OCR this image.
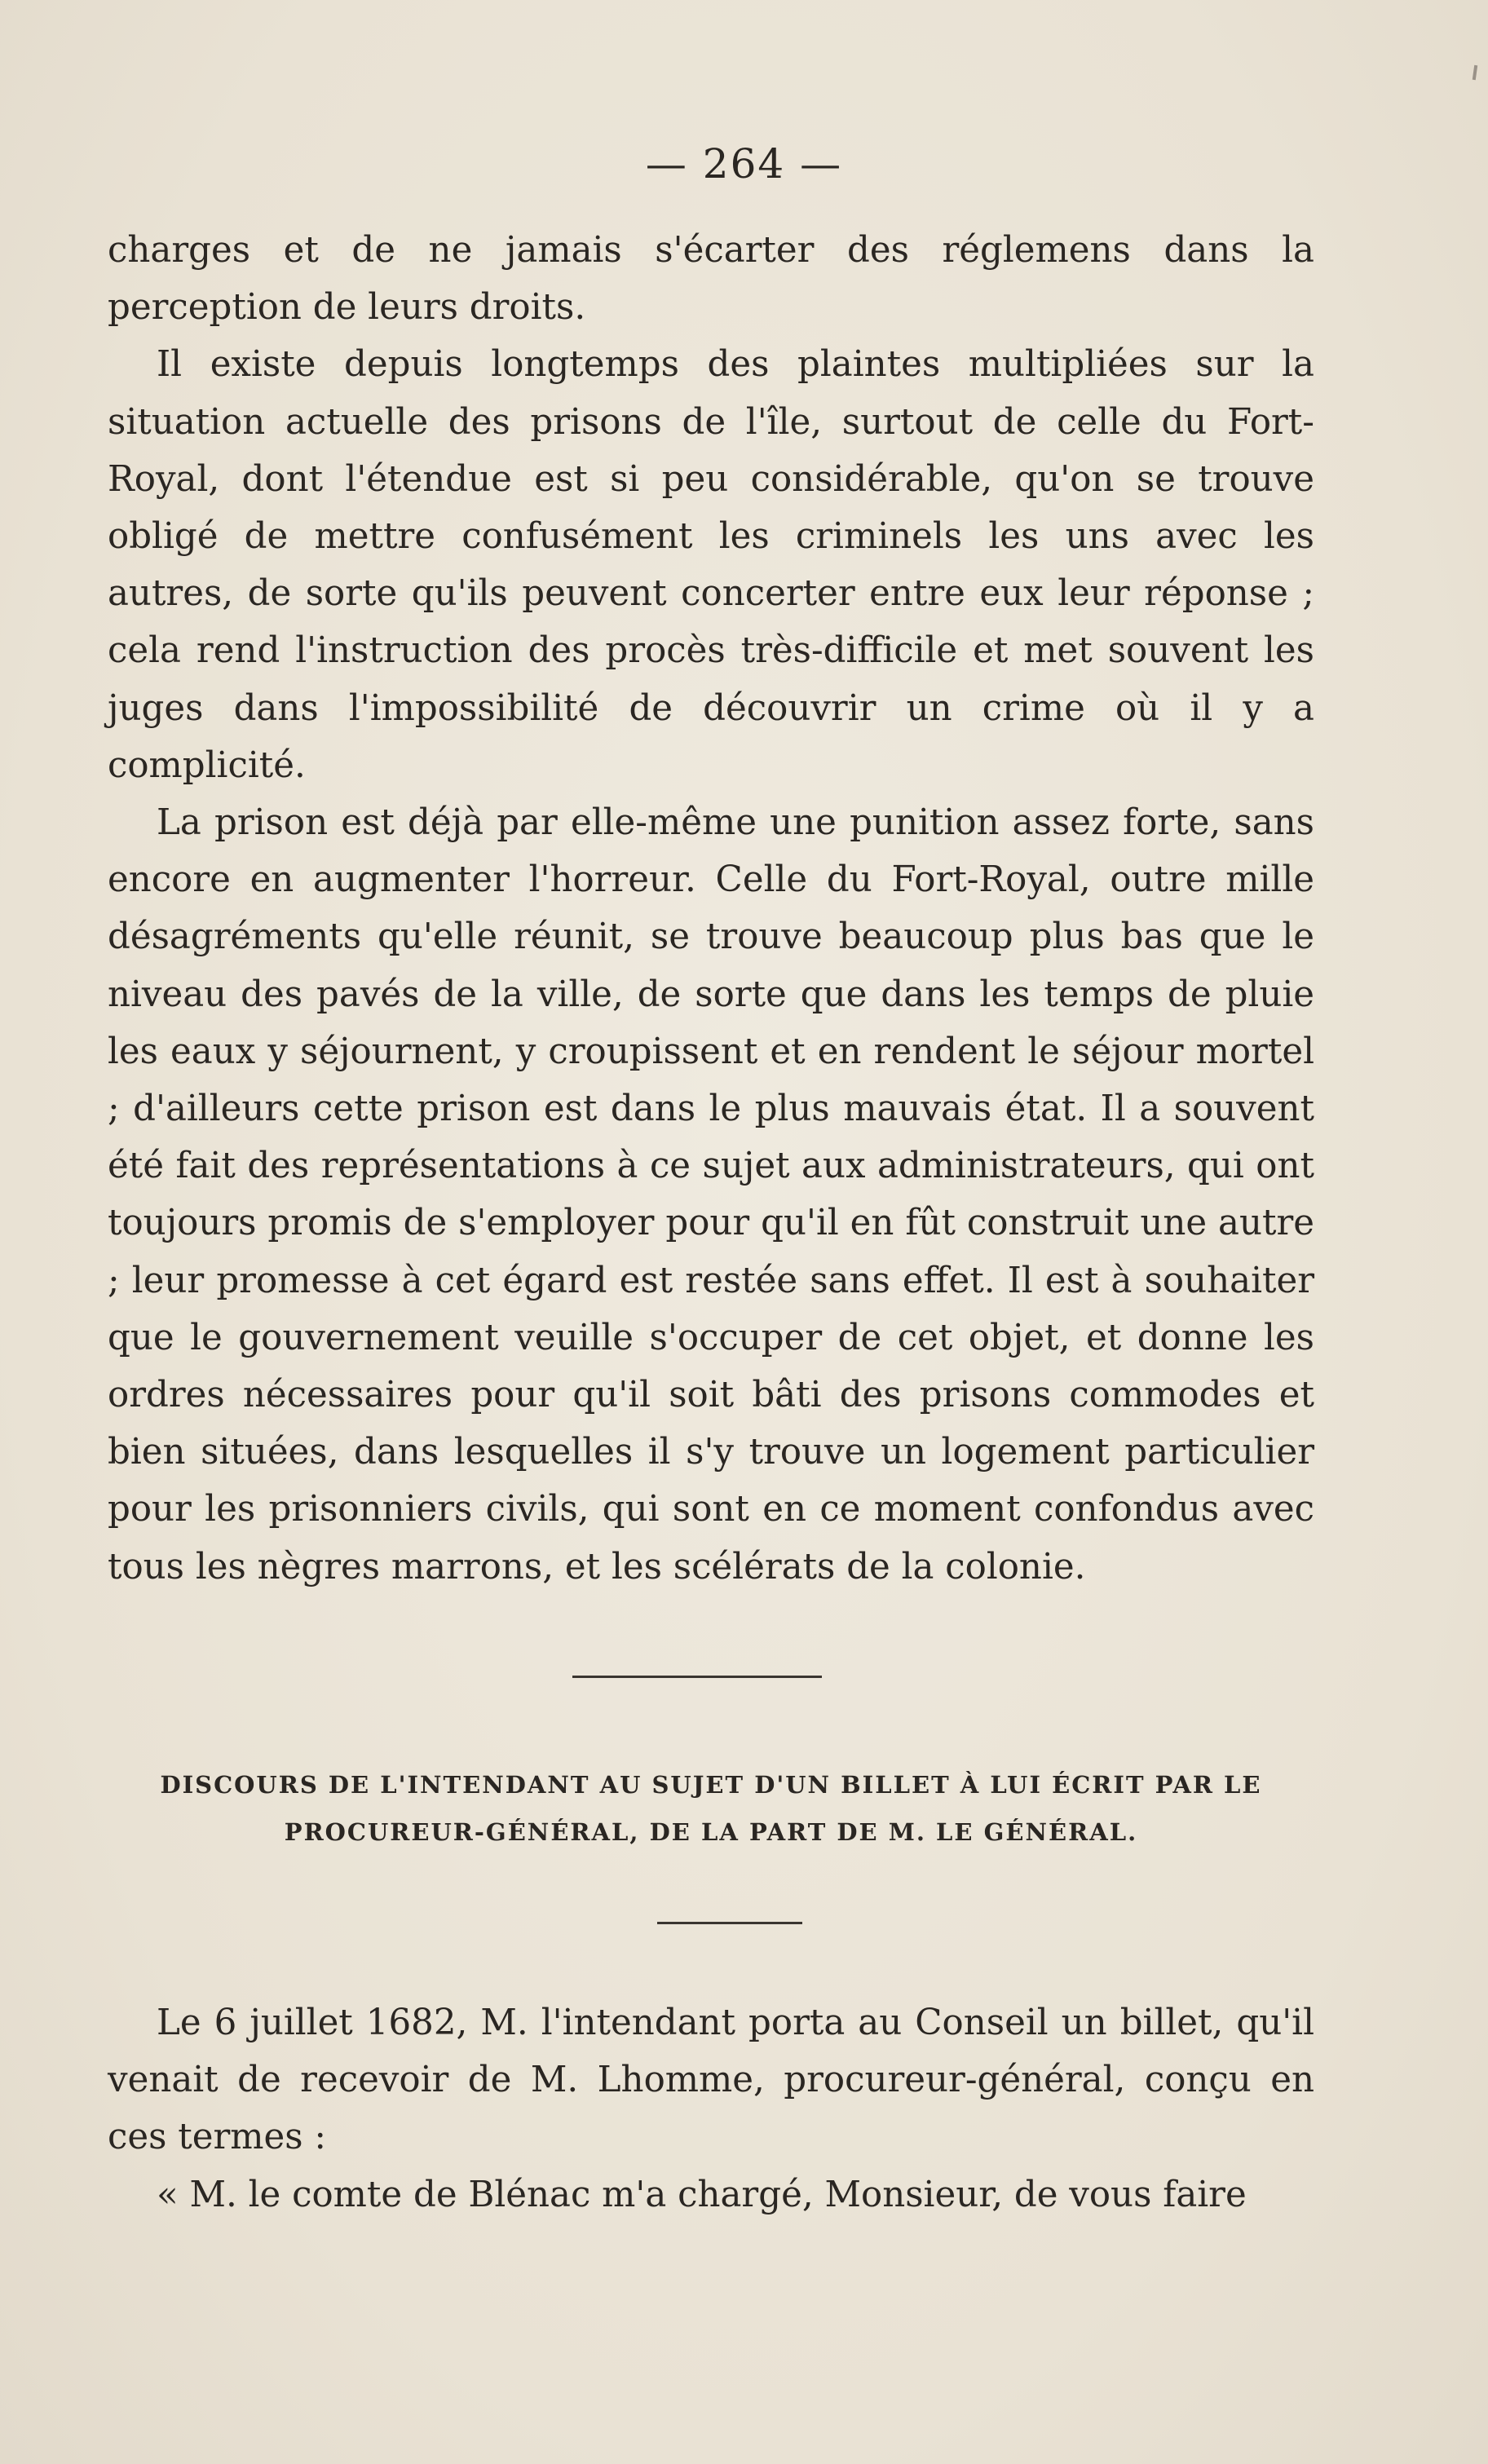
— 264 —

charges et de ne jamais s'écarter des réglemens dans la perception de leurs droits.

Il existe depuis longtemps des plaintes multipliées sur la situation actuelle des prisons de l'île, surtout de celle du Fort-Royal, dont l'étendue est si peu considérable, qu'on se trouve obligé de mettre confusément les criminels les uns avec les autres, de sorte qu'ils peuvent concerter entre eux leur réponse ; cela rend l'instruction des procès très-difficile et met souvent les juges dans l'impossibilité de découvrir un crime où il y a complicité.

La prison est déjà par elle-même une punition assez forte, sans encore en augmenter l'horreur. Celle du Fort-Royal, outre mille désagréments qu'elle réunit, se trouve beaucoup plus bas que le niveau des pavés de la ville, de sorte que dans les temps de pluie les eaux y séjournent, y croupissent et en rendent le séjour mortel ; d'ailleurs cette prison est dans le plus mauvais état. Il a souvent été fait des représentations à ce sujet aux administrateurs, qui ont toujours promis de s'employer pour qu'il en fût construit une autre ; leur promesse à cet égard est restée sans effet. Il est à souhaiter que le gouvernement veuille s'occuper de cet objet, et donne les ordres nécessaires pour qu'il soit bâti des prisons commodes et bien situées, dans lesquelles il s'y trouve un logement particulier pour les prisonniers civils, qui sont en ce moment confondus avec tous les nègres marrons, et les scélérats de la colonie.

DISCOURS DE L'INTENDANT AU SUJET D'UN BILLET À LUI ÉCRIT PAR LE PROCUREUR-GÉNÉRAL, DE LA PART DE M. LE GÉNÉRAL.

Le 6 juillet 1682, M. l'intendant porta au Conseil un billet, qu'il venait de recevoir de M. Lhomme, procureur-général, conçu en ces termes :

« M. le comte de Blénac m'a chargé, Monsieur, de vous faire
